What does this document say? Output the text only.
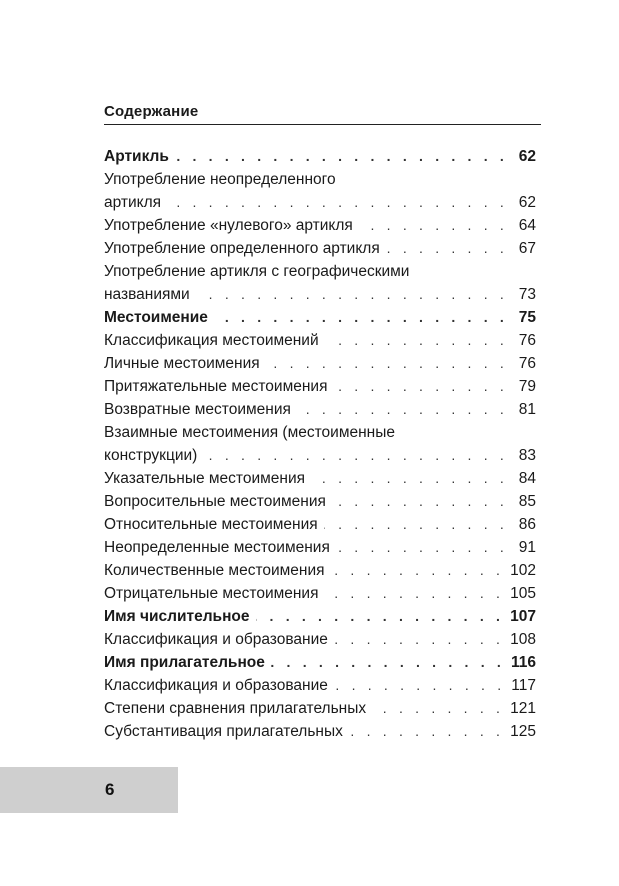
Содержание
Артикль . . .	62
Употребление неопределенного
артикля . . .	62
Употребление «нулевого» артикля . . .	64
Употребление определенного артикля . . .	67
Употребление артикля с географическими
названиями . . .	73
Местоимение . . .	75
Классификация местоимений . . .	76
Личные местоимения . . .	76
Притяжательные местоимения . . .	79
Возвратные местоимения . . .	81
Взаимные местоимения (местоименные
конструкции) . . .	83
Указательные местоимения . . .	84
Вопросительные местоимения . . .	85
Относительные местоимения . . .	86
Неопределенные местоимения . . .	91
Количественные местоимения . . .	102
Отрицательные местоимения . . .	105
Имя числительное . . .	107
Классификация и образование . . .	108
Имя прилагательное . . .	116
Классификация и образование . . .	117
Степени сравнения прилагательных . . .	121
Субстантивация прилагательных . . .	125
6
